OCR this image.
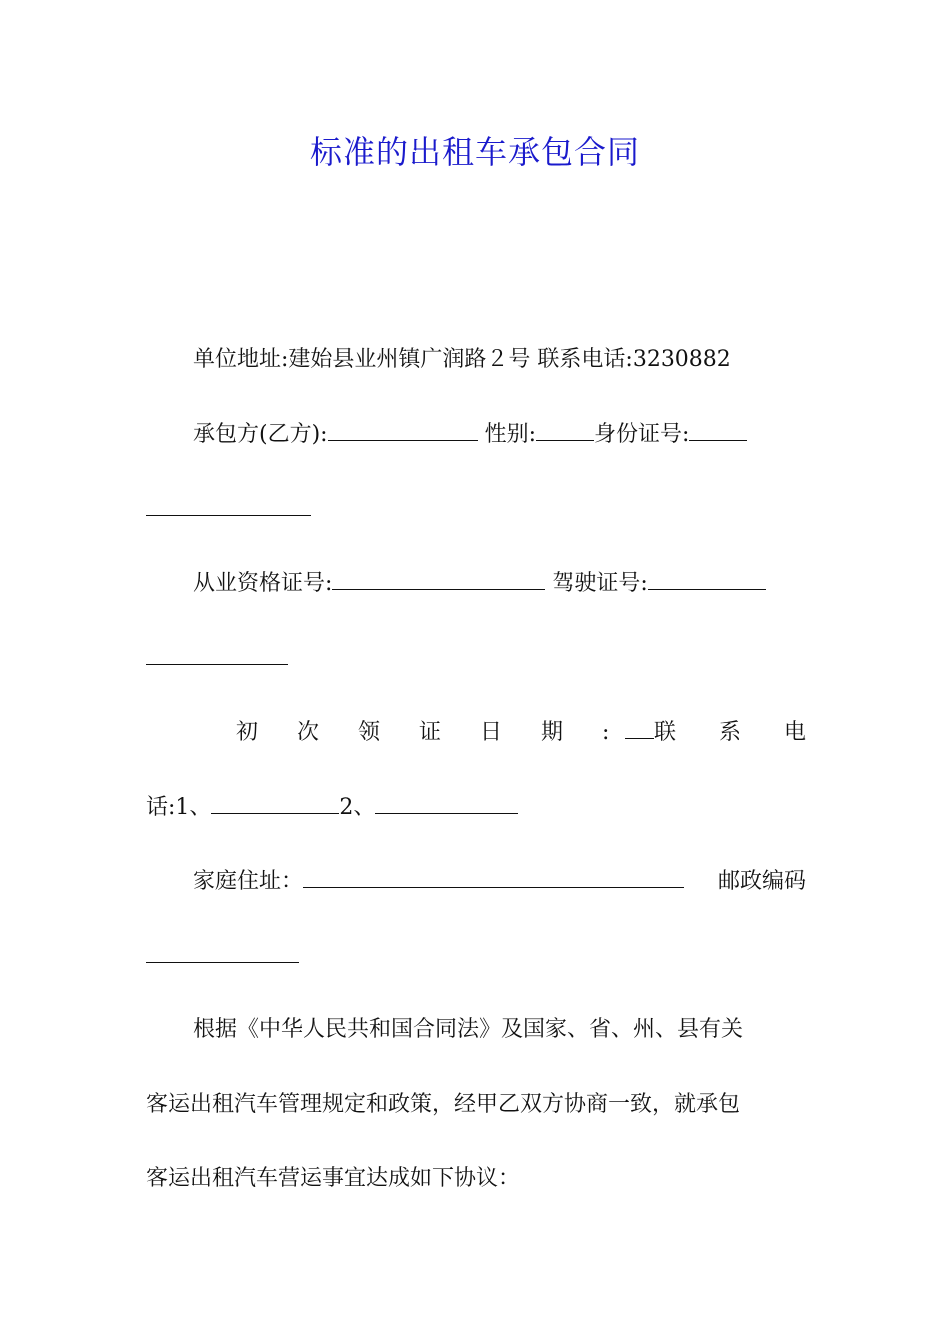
标准的出租车承包合同
单位地址:建始县业州镇广润路２号 联系电话:3230882
承包方(乙方):	性别:	身份证号:
从业资格证号:	驾驶证号:
初 次 领 证 日 期 : 联 系 电
话:1、	2、
家庭住址：	邮政编码
根据《中华人民共和国合同法》及国家、省、州、县有关
客运出租汽车管理规定和政策，经甲乙双方协商一致，就承包
客运出租汽车营运事宜达成如下协议：
